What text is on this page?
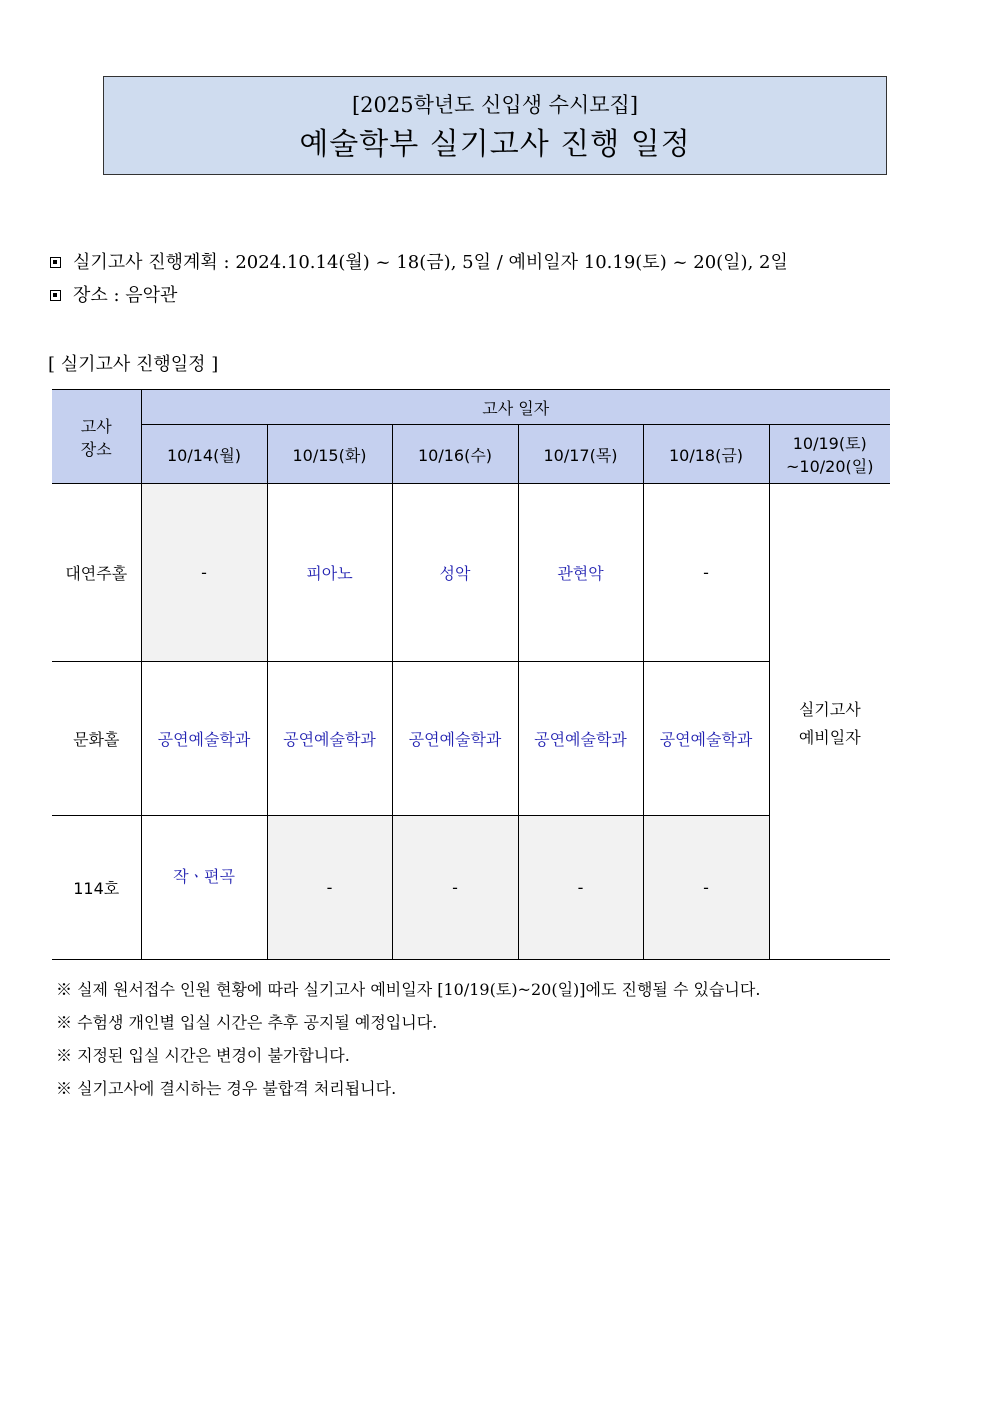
[2025학년도 신입생 수시모집]
예술학부 실기고사 진행 일정
실기고사 진행계획 : 2024.10.14(월) ~ 18(금), 5일 / 예비일자 10.19(토) ~ 20(일), 2일
장소 : 음악관
[ 실기고사 진행일정 ]
고사
장소	고사 일자					
	10/14(월)	10/15(화)	10/16(수)	10/17(목)	10/18(금)	10/19(토)
~10/20(일)

대연주홀	-	피아노	성악	관현악	-	실기고사
예비일자

문화홀	공연예술학과	공연예술학과	공연예술학과	공연예술학과	공연예술학과	
114호	작ㆍ편곡	-	-	-	-	
※ 실제 원서접수 인원 현황에 따라 실기고사 예비일자 [10/19(토)~20(일)]에도 진행될 수 있습니다.
※ 수험생 개인별 입실 시간은 추후 공지될 예정입니다.
※ 지정된 입실 시간은 변경이 불가합니다.
※ 실기고사에 결시하는 경우 불합격 처리됩니다.
